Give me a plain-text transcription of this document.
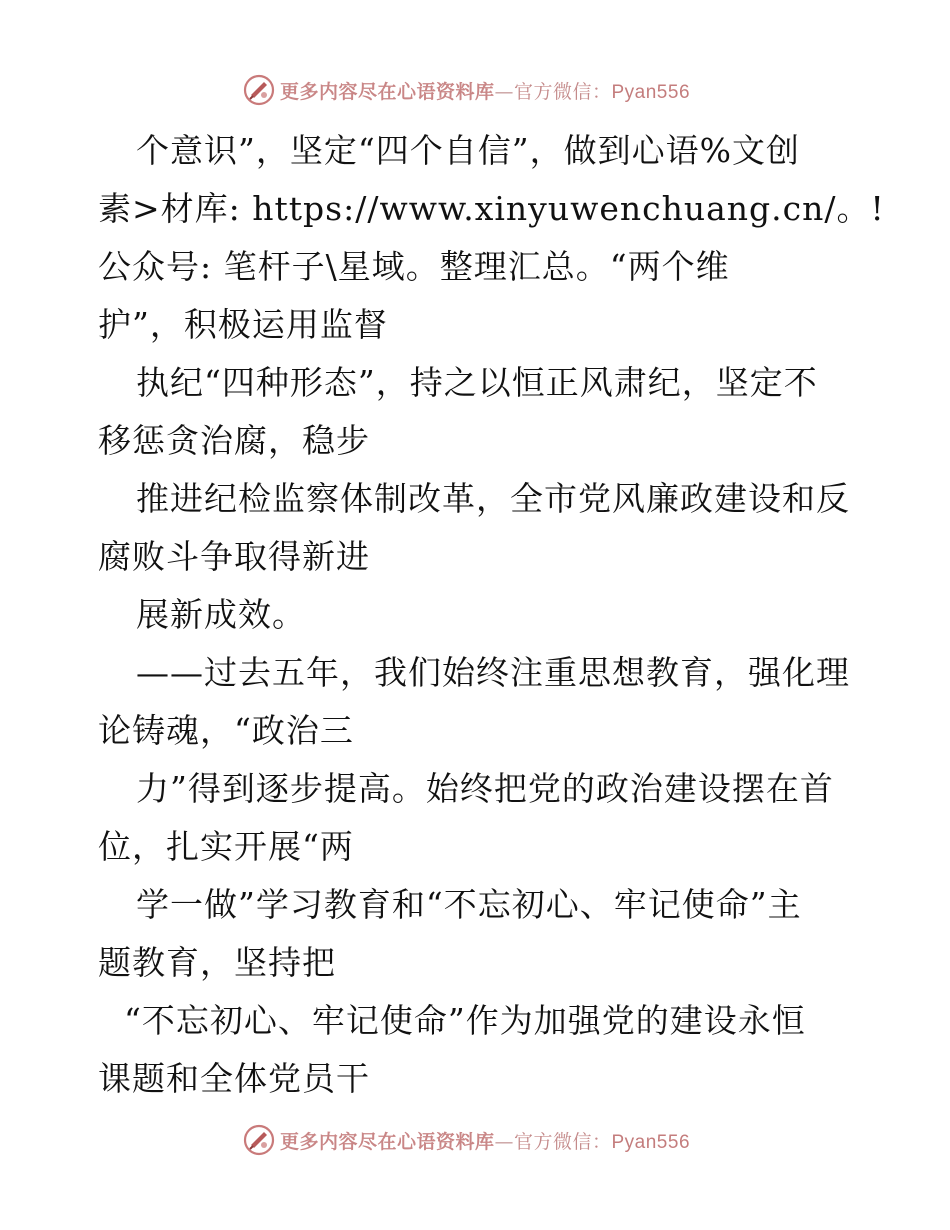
更多内容尽在心语资料库—官方微信：Pyan556
个意识”，坚定“四个自信”，做到心语%文创
素>材库: https://www.xinyuwenchuang.cn/。!
公众号: 笔杆子\星域。整理汇总。“两个维
护”，积极运用监督
执纪“四种形态”，持之以恒正风肃纪，坚定不
移惩贪治腐，稳步
推进纪检监察体制改革，全市党风廉政建设和反
腐败斗争取得新进
展新成效。
——过去五年，我们始终注重思想教育，强化理
论铸魂，“政治三
力”得到逐步提高。始终把党的政治建设摆在首
位，扎实开展“两
学一做”学习教育和“不忘初心、牢记使命”主
题教育，坚持把
“不忘初心、牢记使命”作为加强党的建设永恒
课题和全体党员干
更多内容尽在心语资料库—官方微信：Pyan556
